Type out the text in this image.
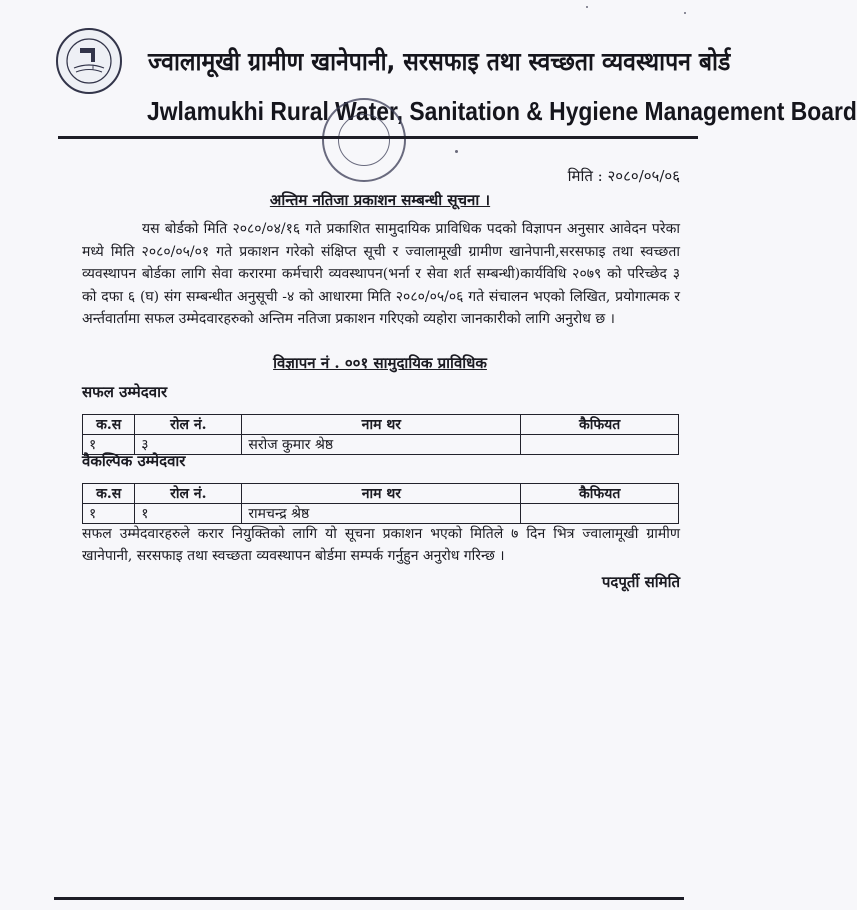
ज्वालामूखी ग्रामीण खानेपानी, सरसफाइ तथा स्वच्छता व्यवस्थापन बोर्ड
Jwlamukhi Rural Water, Sanitation & Hygiene Management Board
मिति : २०८०/०५/०६
अन्तिम नतिजा प्रकाशन सम्बन्धी सूचना ।
यस बोर्डको मिति २०८०/०४/१६ गते प्रकाशित सामुदायिक प्राविधिक पदको विज्ञापन अनुसार आवेदन परेका मध्ये मिति २०८०/०५/०१ गते प्रकाशन गरेको संक्षिप्त सूची र ज्वालामूखी ग्रामीण खानेपानी,सरसफाइ तथा स्वच्छता व्यवस्थापन बोर्डका लागि सेवा करारमा कर्मचारी व्यवस्थापन(भर्ना र सेवा शर्त सम्बन्धी)कार्यविधि २०७९ को परिच्छेद ३ को दफा ६ (घ) संग सम्बन्धीत अनुसूची -४ को आधारमा मिति २०८०/०५/०६ गते संचालन भएको लिखित, प्रयोगात्मक र अर्न्तवार्तामा सफल उम्मेदवारहरुको अन्तिम नतिजा प्रकाशन गरिएको व्यहोरा जानकारीको लागि अनुरोध छ ।
विज्ञापन नं . ००१ सामुदायिक प्राविधिक
सफल उम्मेदवार
क.स	रोल नं.	नाम थर	कैफियत
१	३	सरोज कुमार श्रेष्ठ	
वैकल्पिक उम्मेदवार
क.स	रोल नं.	नाम थर	कैफियत
१	१	रामचन्द्र श्रेष्ठ	
सफल उम्मेदवारहरुले करार नियुक्तिको लागि यो सूचना प्रकाशन भएको मितिले ७ दिन भित्र ज्वालामूखी ग्रामीण खानेपानी, सरसफाइ तथा स्वच्छता व्यवस्थापन बोर्डमा सम्पर्क गर्नुहुन अनुरोध गरिन्छ ।
पदपूर्ती समिति
